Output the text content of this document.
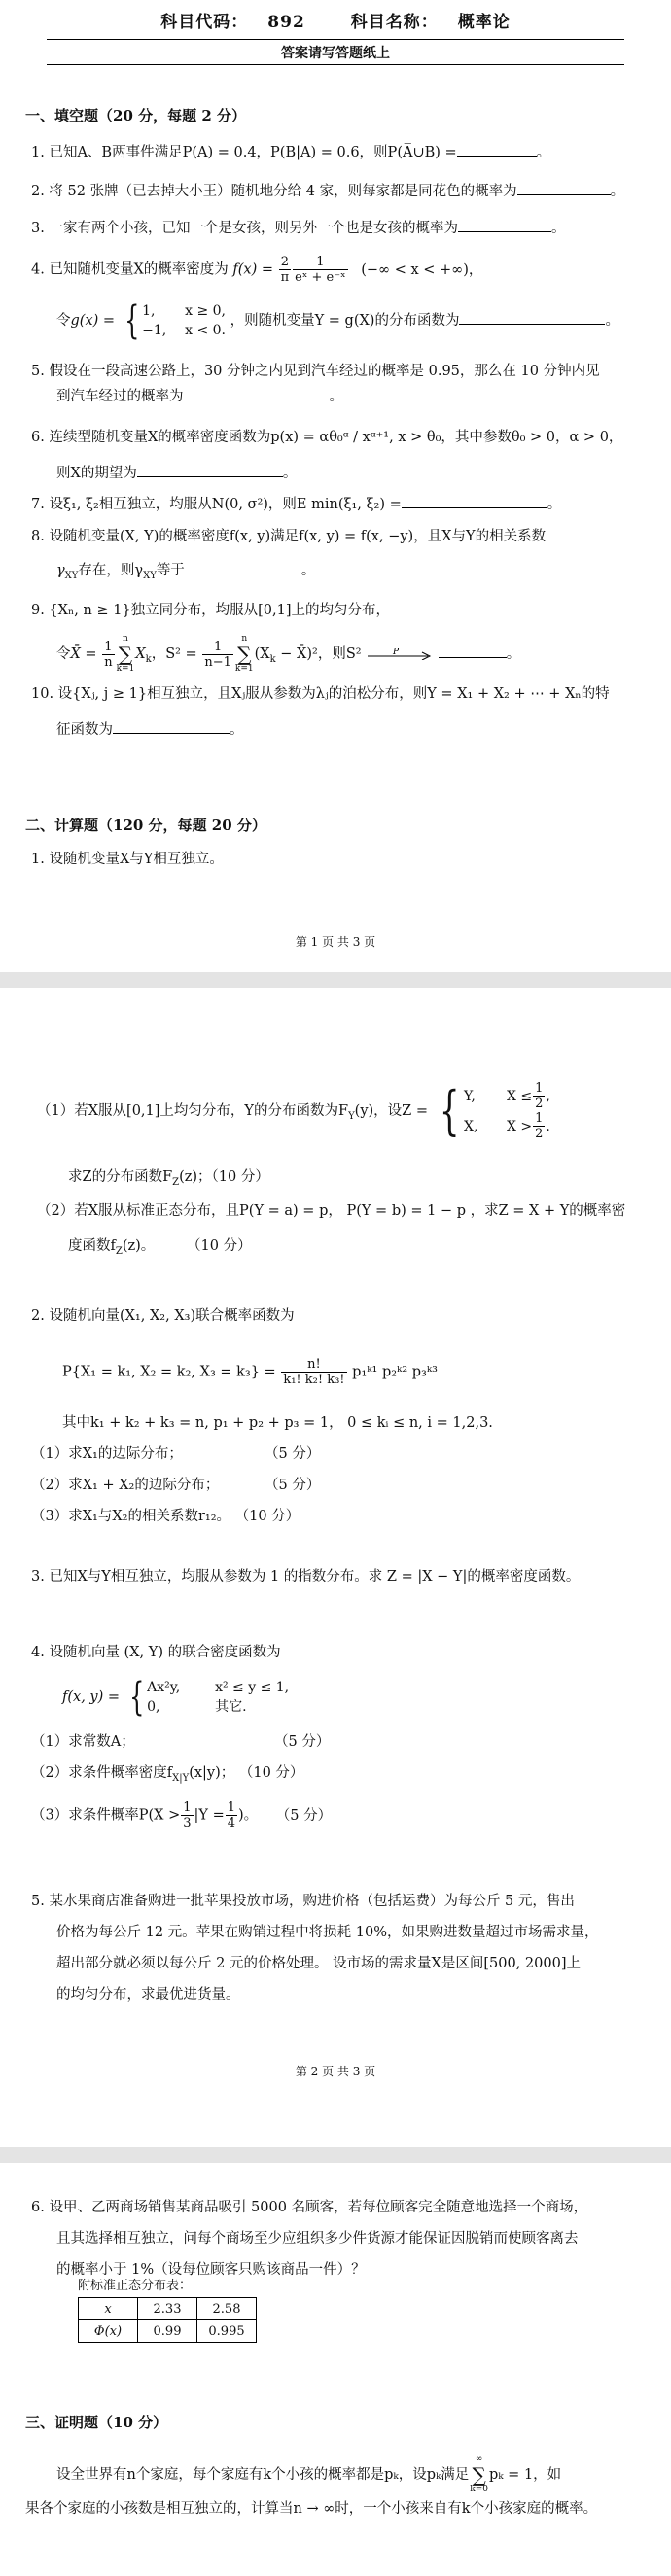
科目代码： 892	科目名称： 概率论
答案请写答题纸上
一、填空题（20 分，每题 2 分）
1. 已知A、B两事件满足P(A) = 0.4，P(B|A) = 0.6，则P(A̅∪B) =	。
2. 将 52 张牌（已去掉大小王）随机地分给 4 家，则每家都是同花色的概率为	。
3. 一家有两个小孩，已知一个是女孩，则另外一个也是女孩的概率为	。
4. 已知随机变量X的概率密度为 $f(x) = \frac{2}{\pi} \frac{1}{\text{eˣ + e⁻ˣ}}$ (−∞ < x < +∞)，
令g(x) = { 1, x ≥ 0,
−1, x < 0. ，则随机变量Y = g(X)的分布函数为	。
5. 假设在一段高速公路上，30 分钟之内见到汽车经过的概率是 0.95，那么在 10 分钟内见
到汽车经过的概率为	。
6. 连续型随机变量X的概率密度函数为p(x) = αθ₀ᵅ / xᵅ⁺¹, x > θ₀，其中参数θ₀ > 0，α > 0，
则X的期望为	。
7. 设ξ₁, ξ₂相互独立，均服从N(0, σ²)，则E min(ξ₁, ξ₂) =	。
8. 设随机变量(X, Y)的概率密度f(x, y)满足f(x, y) = f(x, −y)，且X与Y的相关系数
$\gamma_{XY}$存在，则$\gamma_{XY}$等于	。
9. {Xₙ, n ≥ 1}独立同分布，均服从[0,1]上的均匀分布，
令X̄ = $\frac{1}{n}$
n
∑
$k=1X_k$，$S^2 = \frac{1}{n-1}$
n
∑
$k=1(X_k$ − X̄)²，则S²	P	。
10. 设{Xⱼ, j ≥ 1}相互独立，且Xⱼ服从参数为λⱼ的泊松分布，则Y = X₁ + X₂ + ⋯ + Xₙ的特
征函数为	。
二、计算题（120 分，每题 20 分）
1. 设随机变量X与Y相互独立。
第 1 页 共 3 页
（1）若X服从[0,1]上均匀分布，Y的分布函数为$F_Y(y)$，设Z = { Y, $X \le \frac{1}{2}$ ,
X, $X > \frac{1}{2}$ .
求Z的分布函数$F_Z(z)$；（10 分）
（2）若X服从标准正态分布，且P(Y = a) = p， P(Y = b) = 1 − p ，求Z = X + Y的概率密
度函数$f_Z(z)$。	（10 分）
2. 设随机向量(X₁, X₂, X₃)联合概率函数为
P{X₁ = k₁, X₂ = k₂, $X_3 = k_3\} = \frac{n!}{\text{k₁! k₂! k₃!}}$ p₁ᵏ¹ p₂ᵏ² p₃ᵏ³
其中k₁ + k₂ + k₃ = n, p₁ + p₂ + p₃ = 1， 0 ≤ kᵢ ≤ n, i = 1,2,3.
（1）求X₁的边际分布；	（5 分）
（2）求X₁ + X₂的边际分布；	（5 分）
（3）求X₁与X₂的相关系数r₁₂。 （10 分）
3. 已知X与Y相互独立，均服从参数为 1 的指数分布。求 Z = |X − Y|的概率密度函数。
4. 设随机向量 (X, Y) 的联合密度函数为
f(x, y) = { Ax²y,	x² ≤ y ≤ 1,
0,	其它.
（1）求常数A；	（5 分）
（2）求条件概率密度$f_{X|Y}(x|y)$； （10 分）
（3）求条件概率$P(X > \frac{1}{3} |Y = \frac{1}{4}$ )。 （5 分）
5. 某水果商店准备购进一批苹果投放市场，购进价格（包括运费）为每公斤 5 元，售出
价格为每公斤 12 元。苹果在购销过程中将损耗 10%，如果购进数量超过市场需求量，
超出部分就必须以每公斤 2 元的价格处理。 设市场的需求量X是区间[500, 2000]上
的均匀分布，求最优进货量。
第 2 页 共 3 页
6. 设甲、乙两商场销售某商品吸引 5000 名顾客，若每位顾客完全随意地选择一个商场，
且其选择相互独立，问每个商场至少应组织多少件货源才能保证因脱销而使顾客离去
的概率小于 1%（设每位顾客只购该商品一件）？
附标准正态分布表：
x	2.33	2.58
Φ(x)	0.99	0.995
三、证明题（10 分）
设全世界有n个家庭，每个家庭有k个小孩的概率都是pₖ，设pₖ满足∞
∑
k=0pₖ = 1，如
果各个家庭的小孩数是相互独立的，计算当n → ∞时，一个小孩来自有k个小孩家庭的概率。
